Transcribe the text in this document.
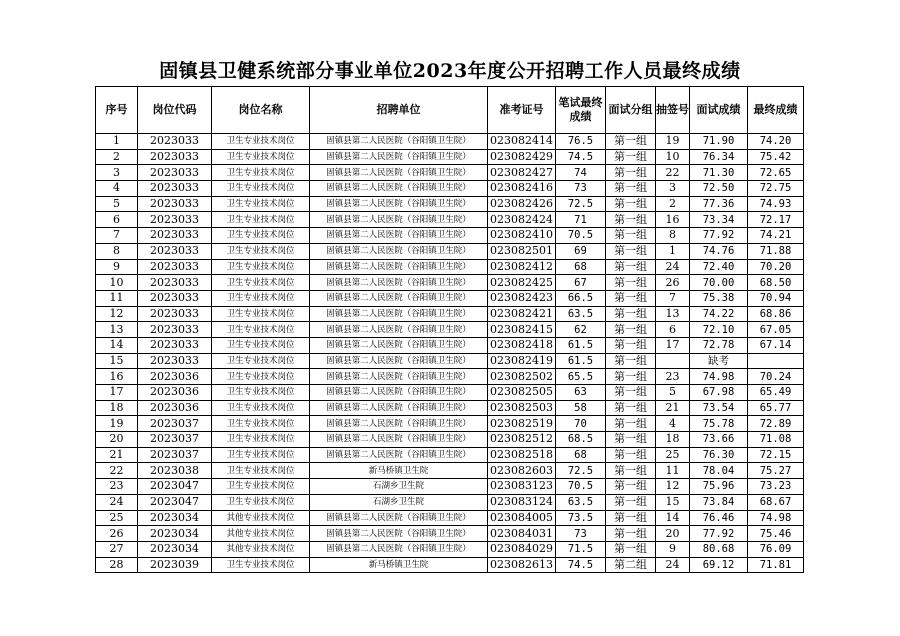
固镇县卫健系统部分事业单位2023年度公开招聘工作人员最终成绩
序号	岗位代码	岗位名称	招聘单位	准考证号	笔试最终成绩	面试分组	抽签号	面试成绩	最终成绩
1	2023033	卫生专业技术岗位	固镇县第二人民医院（谷阳镇卫生院）	023082414	76.5	第一组	19	71.90	74.20
2	2023033	卫生专业技术岗位	固镇县第二人民医院（谷阳镇卫生院）	023082429	74.5	第一组	10	76.34	75.42
3	2023033	卫生专业技术岗位	固镇县第二人民医院（谷阳镇卫生院）	023082427	74	第一组	22	71.30	72.65
4	2023033	卫生专业技术岗位	固镇县第二人民医院（谷阳镇卫生院）	023082416	73	第一组	3	72.50	72.75
5	2023033	卫生专业技术岗位	固镇县第二人民医院（谷阳镇卫生院）	023082426	72.5	第一组	2	77.36	74.93
6	2023033	卫生专业技术岗位	固镇县第二人民医院（谷阳镇卫生院）	023082424	71	第一组	16	73.34	72.17
7	2023033	卫生专业技术岗位	固镇县第二人民医院（谷阳镇卫生院）	023082410	70.5	第一组	8	77.92	74.21
8	2023033	卫生专业技术岗位	固镇县第二人民医院（谷阳镇卫生院）	023082501	69	第一组	1	74.76	71.88
9	2023033	卫生专业技术岗位	固镇县第二人民医院（谷阳镇卫生院）	023082412	68	第一组	24	72.40	70.20
10	2023033	卫生专业技术岗位	固镇县第二人民医院（谷阳镇卫生院）	023082425	67	第一组	26	70.00	68.50
11	2023033	卫生专业技术岗位	固镇县第二人民医院（谷阳镇卫生院）	023082423	66.5	第一组	7	75.38	70.94
12	2023033	卫生专业技术岗位	固镇县第二人民医院（谷阳镇卫生院）	023082421	63.5	第一组	13	74.22	68.86
13	2023033	卫生专业技术岗位	固镇县第二人民医院（谷阳镇卫生院）	023082415	62	第一组	6	72.10	67.05
14	2023033	卫生专业技术岗位	固镇县第二人民医院（谷阳镇卫生院）	023082418	61.5	第一组	17	72.78	67.14
15	2023033	卫生专业技术岗位	固镇县第二人民医院（谷阳镇卫生院）	023082419	61.5	第一组		缺考	
16	2023036	卫生专业技术岗位	固镇县第二人民医院（谷阳镇卫生院）	023082502	65.5	第一组	23	74.98	70.24
17	2023036	卫生专业技术岗位	固镇县第二人民医院（谷阳镇卫生院）	023082505	63	第一组	5	67.98	65.49
18	2023036	卫生专业技术岗位	固镇县第二人民医院（谷阳镇卫生院）	023082503	58	第一组	21	73.54	65.77
19	2023037	卫生专业技术岗位	固镇县第二人民医院（谷阳镇卫生院）	023082519	70	第一组	4	75.78	72.89
20	2023037	卫生专业技术岗位	固镇县第二人民医院（谷阳镇卫生院）	023082512	68.5	第一组	18	73.66	71.08
21	2023037	卫生专业技术岗位	固镇县第二人民医院（谷阳镇卫生院）	023082518	68	第一组	25	76.30	72.15
22	2023038	卫生专业技术岗位	新马桥镇卫生院	023082603	72.5	第一组	11	78.04	75.27
23	2023047	卫生专业技术岗位	石湖乡卫生院	023083123	70.5	第一组	12	75.96	73.23
24	2023047	卫生专业技术岗位	石湖乡卫生院	023083124	63.5	第一组	15	73.84	68.67
25	2023034	其他专业技术岗位	固镇县第二人民医院（谷阳镇卫生院）	023084005	73.5	第一组	14	76.46	74.98
26	2023034	其他专业技术岗位	固镇县第二人民医院（谷阳镇卫生院）	023084031	73	第一组	20	77.92	75.46
27	2023034	其他专业技术岗位	固镇县第二人民医院（谷阳镇卫生院）	023084029	71.5	第一组	9	80.68	76.09
28	2023039	卫生专业技术岗位	新马桥镇卫生院	023082613	74.5	第二组	24	69.12	71.81
